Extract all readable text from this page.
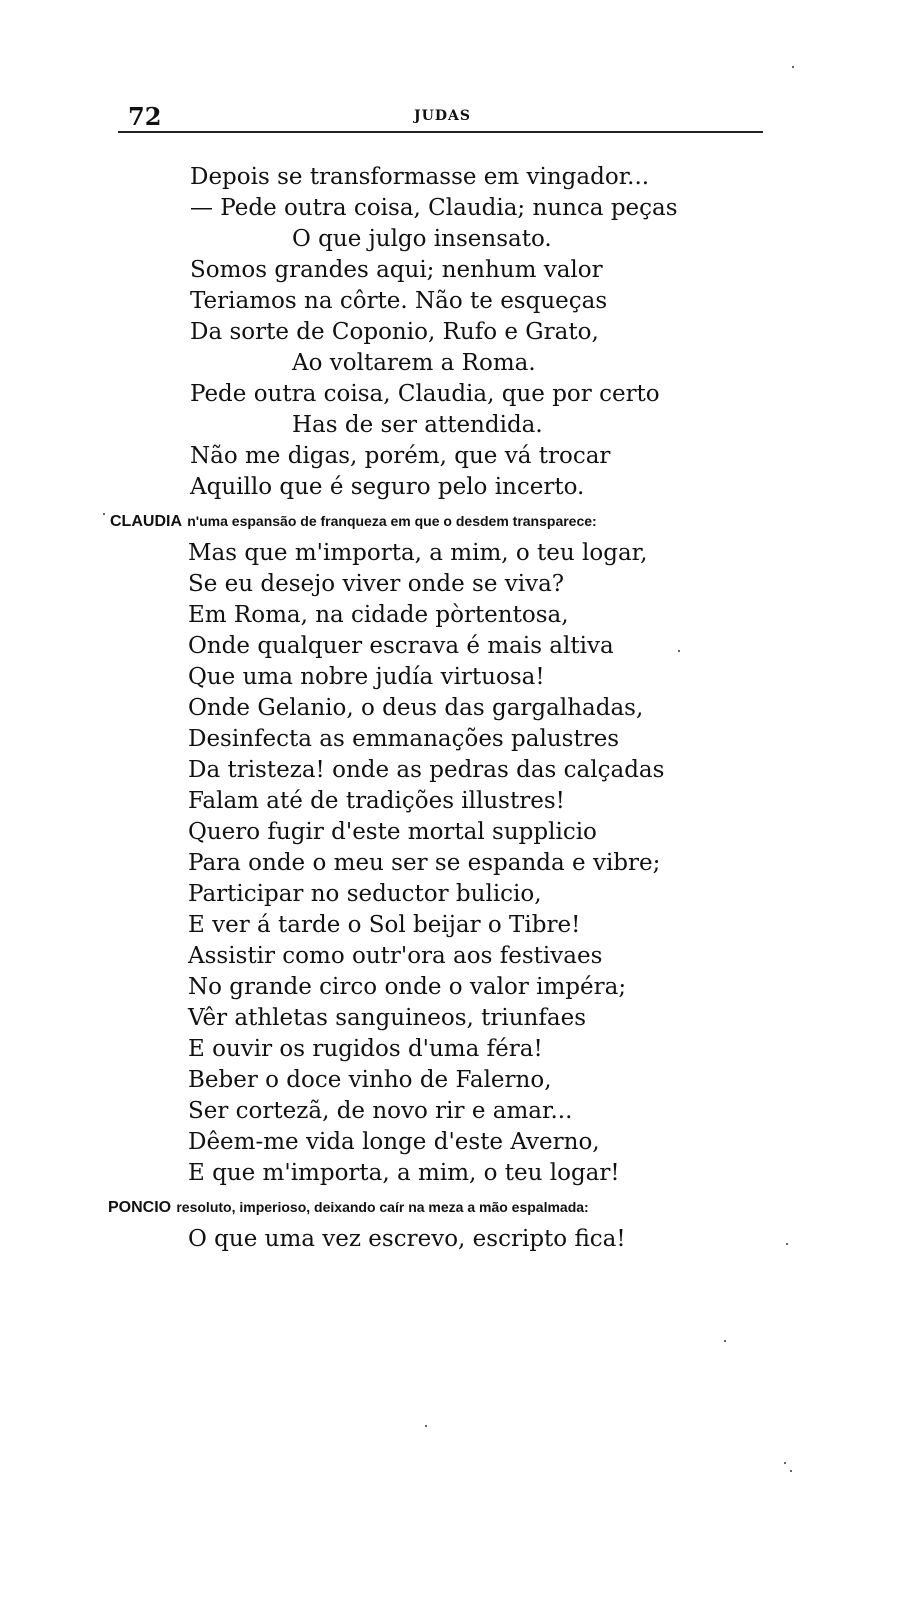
72	JUDAS
Depois se transformasse em vingador...
— Pede outra coisa, Claudia; nunca peças
O que julgo insensato.
Somos grandes aqui; nenhum valor
Teriamos na côrte. Não te esqueças
Da sorte de Coponio, Rufo e Grato,
Ao voltarem a Roma.
Pede outra coisa, Claudia, que por certo
Has de ser attendida.
Não me digas, porém, que vá trocar
Aquillo que é seguro pelo incerto.
CLAUDIA n'uma espansão de franqueza em que o desdem transparece:
Mas que m'importa, a mim, o teu logar,
Se eu desejo viver onde se viva?
Em Roma, na cidade pòrtentosa,
Onde qualquer escrava é mais altiva
Que uma nobre judía virtuosa!
Onde Gelanio, o deus das gargalhadas,
Desinfecta as emmanações palustres
Da tristeza! onde as pedras das calçadas
Falam até de tradições illustres!
Quero fugir d'este mortal supplicio
Para onde o meu ser se espanda e vibre;
Participar no seductor bulicio,
E ver á tarde o Sol beijar o Tibre!
Assistir como outr'ora aos festivaes
No grande circo onde o valor impéra;
Vêr athletas sanguineos, triunfaes
E ouvir os rugidos d'uma féra!
Beber o doce vinho de Falerno,
Ser cortezã, de novo rir e amar...
Dêem-me vida longe d'este Averno,
E que m'importa, a mim, o teu logar!
PONCIO resoluto, imperioso, deixando caír na meza a mão espalmada:
O que uma vez escrevo, escripto fica!
